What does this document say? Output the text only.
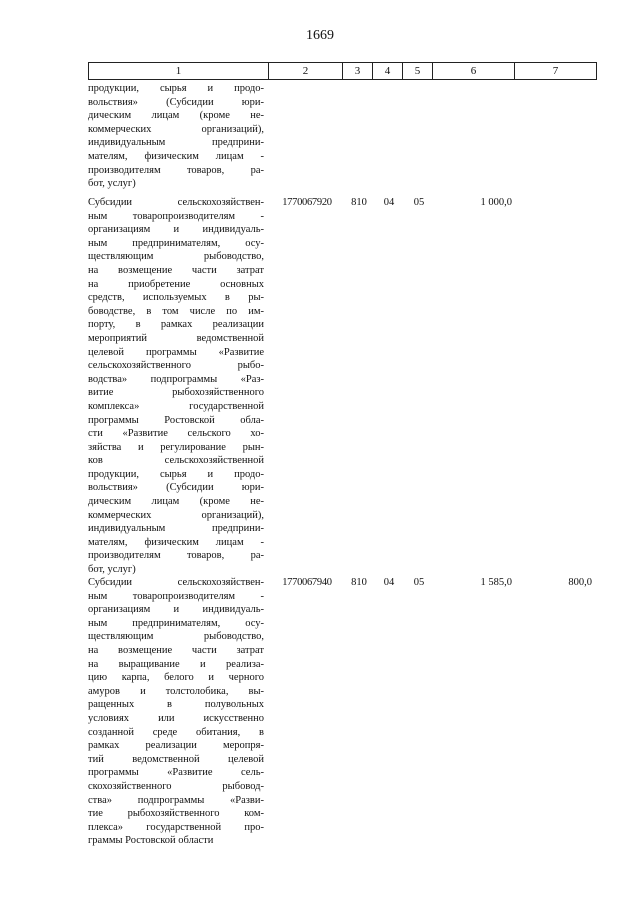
1669
1	2	3	4	5	6	7
продукции, сырья и продо-
вольствия» (Субсидии юри-
дическим лицам (кроме не-
коммерческих организаций),
индивидуальным предприни-
мателям, физическим лицам -
производителям товаров, ра-
бот, услуг)
Субсидии сельскохозяйствен-
ным товаропроизводителям -
организациям и индивидуаль-
ным предпринимателям, осу-
ществляющим рыбоводство,
на возмещение части затрат
на приобретение основных
средств, используемых в ры-
боводстве, в том числе по им-
порту, в рамках реализации
мероприятий ведомственной
целевой программы «Развитие
сельскохозяйственного рыбо-
водства» подпрограммы «Раз-
витие рыбохозяйственного
комплекса» государственной
программы Ростовской обла-
сти «Развитие сельского хо-
зяйства и регулирование рын-
ков сельскохозяйственной
продукции, сырья и продо-
вольствия» (Субсидии юри-
дическим лицам (кроме не-
коммерческих организаций),
индивидуальным предприни-
мателям, физическим лицам -
производителям товаров, ра-
бот, услуг)
1770067920	810	04	05	1 000,0
Субсидии сельскохозяйствен-
ным товаропроизводителям -
организациям и индивидуаль-
ным предпринимателям, осу-
ществляющим рыбоводство,
на возмещение части затрат
на выращивание и реализа-
цию карпа, белого и черного
амуров и толстолобика, вы-
ращенных в полувольных
условиях или искусственно
созданной среде обитания, в
рамках реализации меропря-
тий ведомственной целевой
программы «Развитие сель-
скохозяйственного рыбовод-
ства» подпрограммы «Разви-
тие рыбохозяйственного ком-
плекса» государственной про-
граммы Ростовской области
1770067940	810	04	05	1 585,0	800,0
